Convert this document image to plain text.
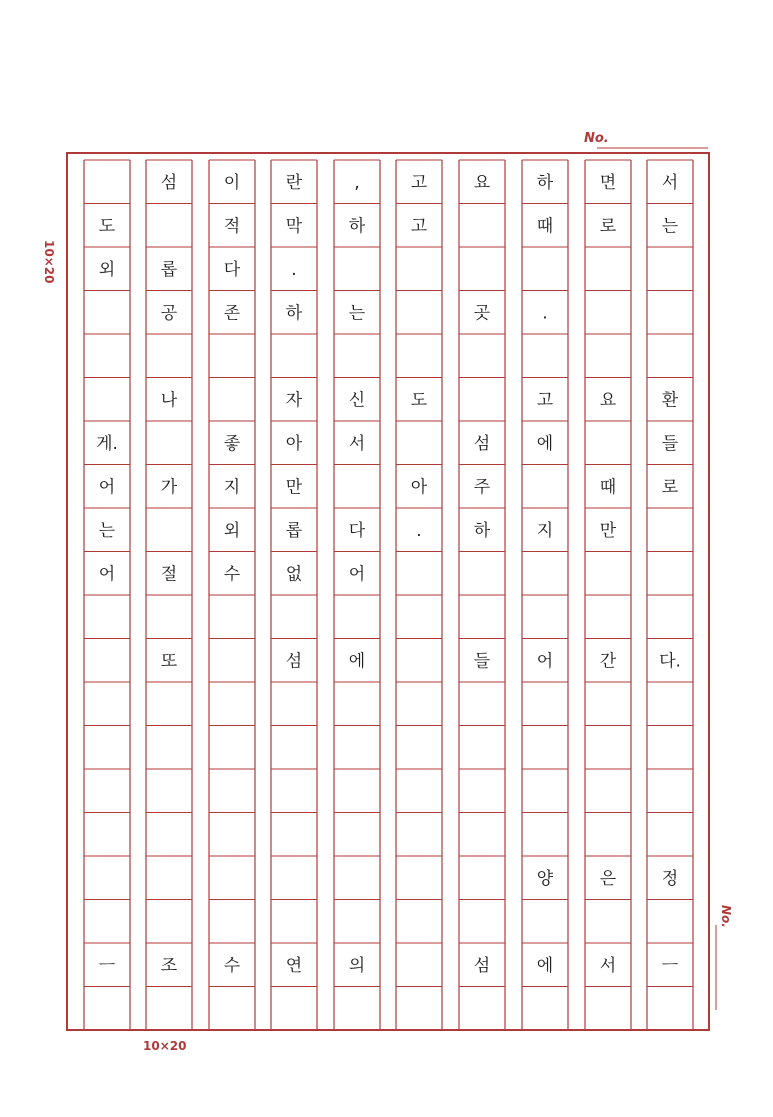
No.
No.
10×20
10×20
서
는
환
들
로
다.
정
ㅡ
면
로
요
때
만
간
은
서
하
때
.
고
에
지
어
양
에
요
곳
섬
주
하
들
섬
고
고
도
아
.
,
하
는
신
서
다
어
에
의
란
막
.
하
자
아
만
롭
없
섬
연
이
적
다
존
좋
지
외
수
수
섬
롭
공
나
가
절
또
조
도
외
게.
어
는
어
ㅡ
